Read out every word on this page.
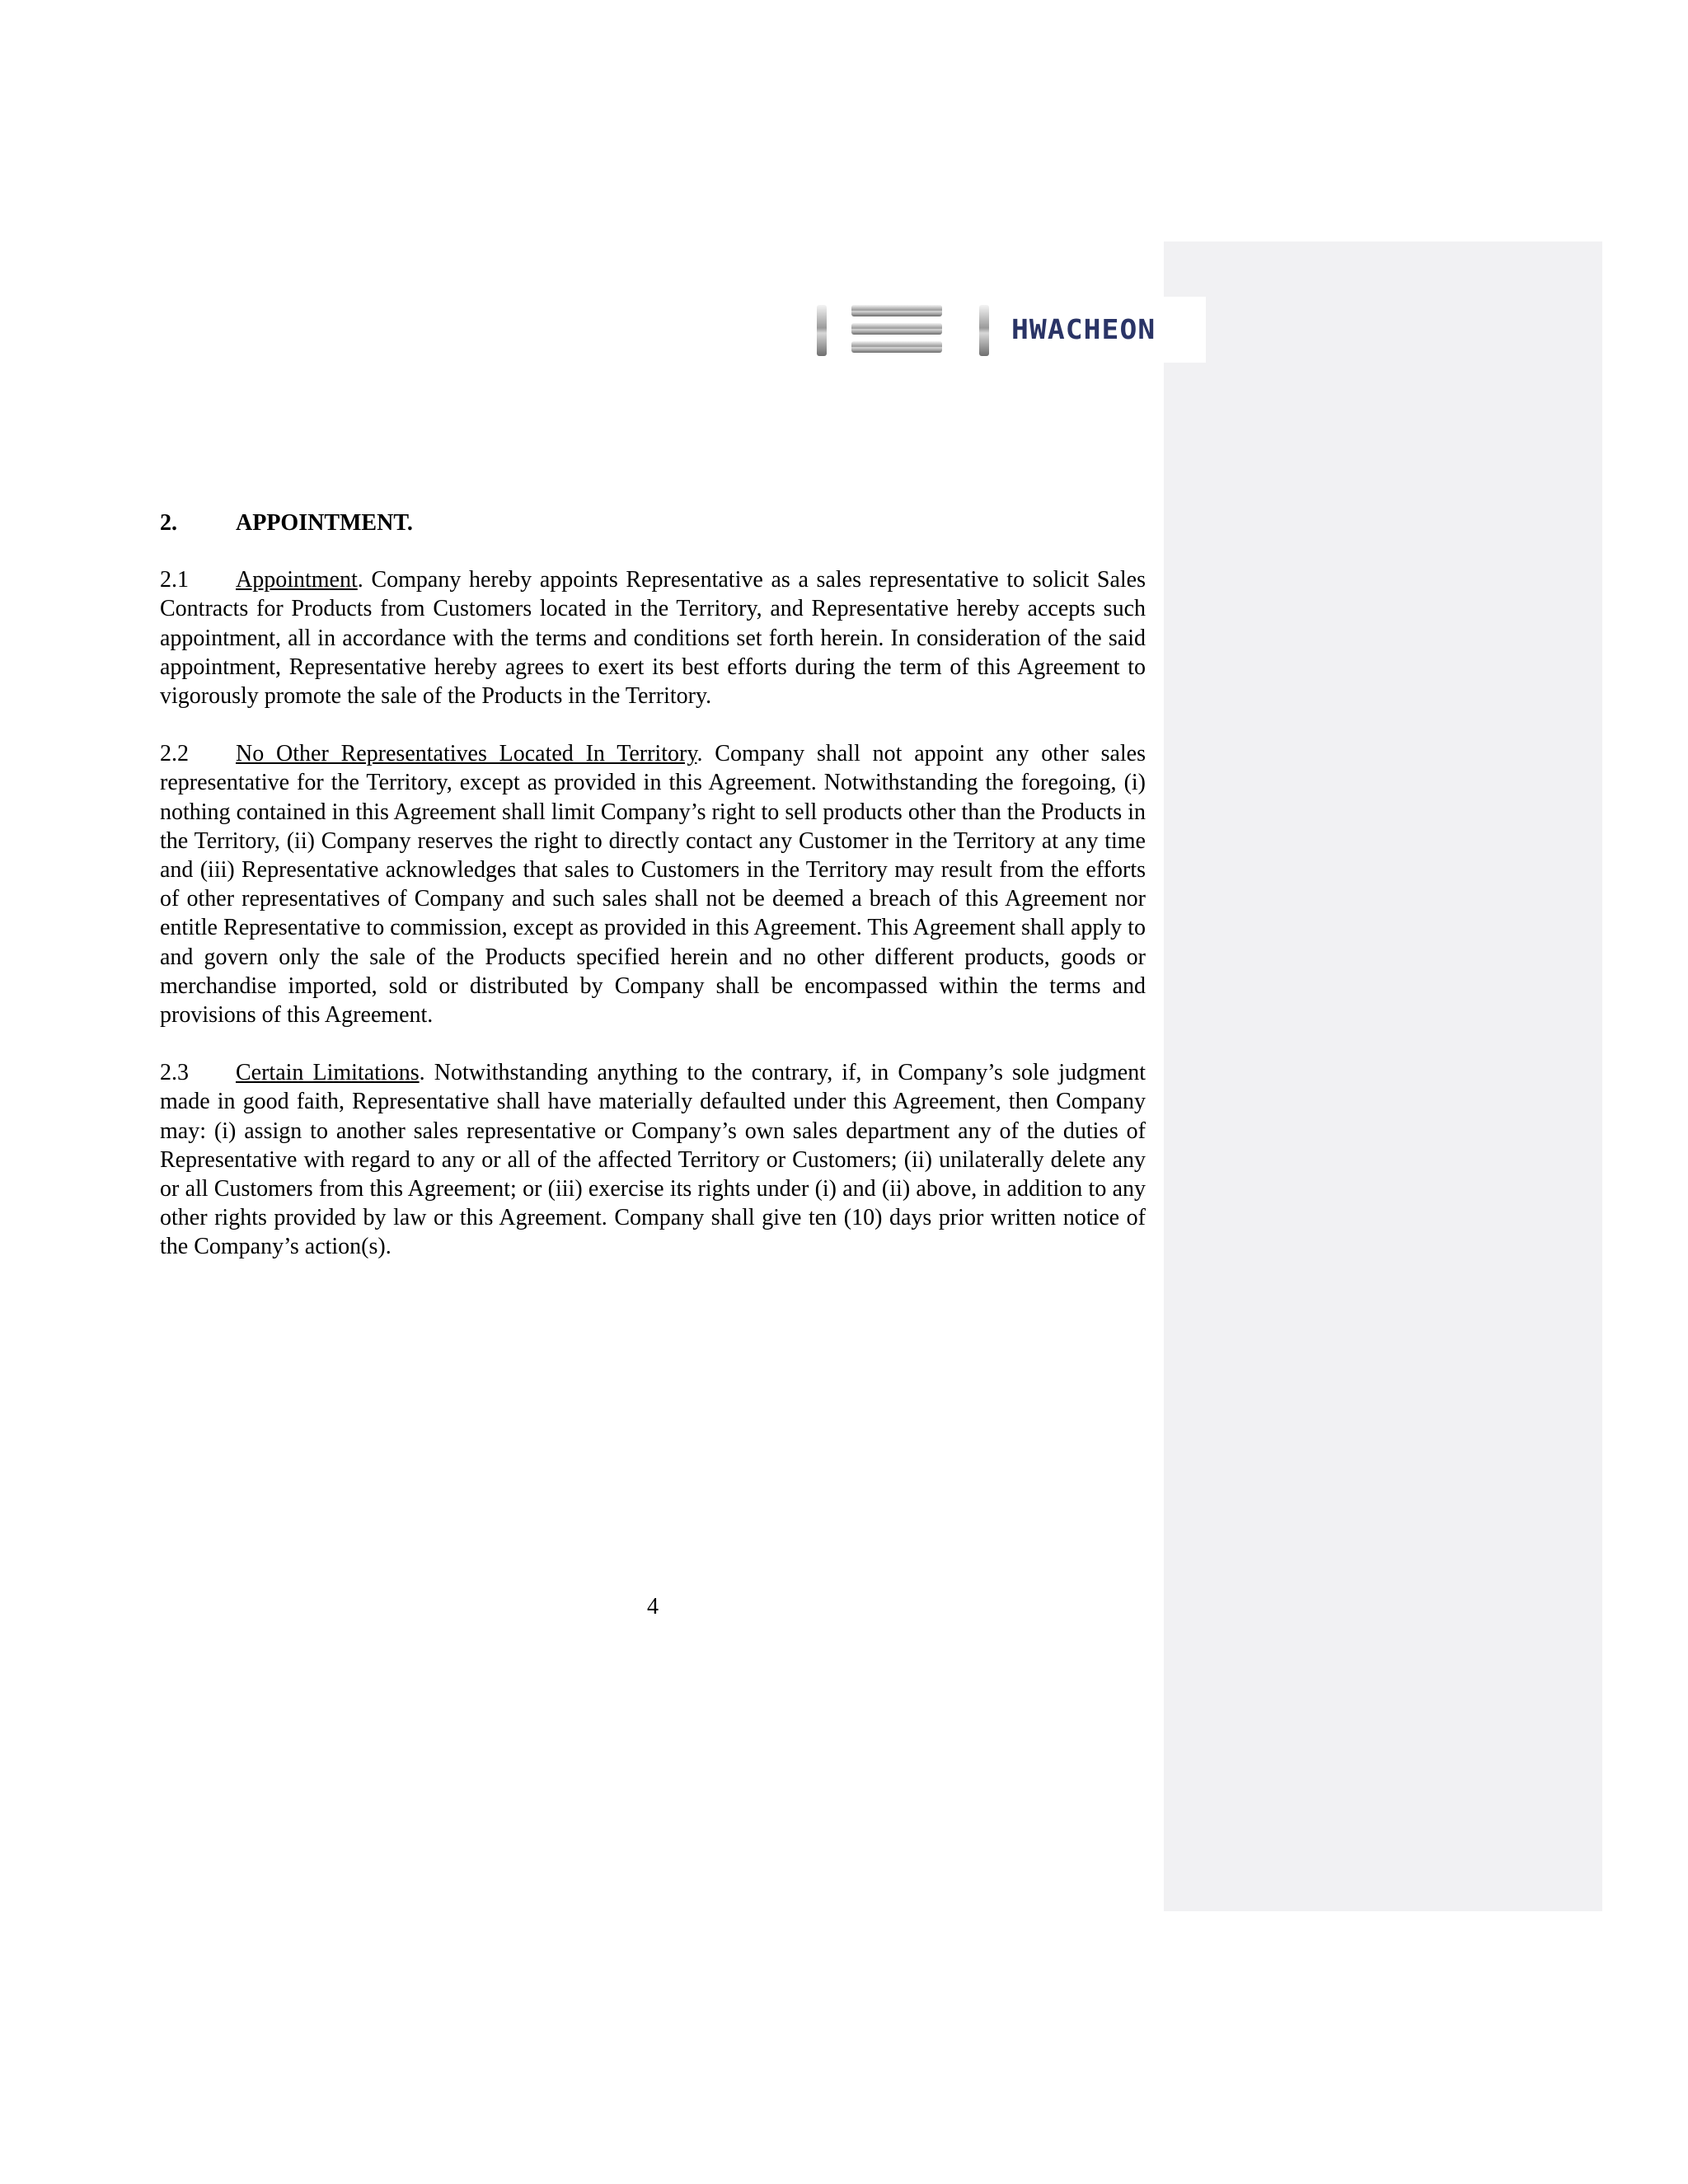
HWACHEON

2.	APPOINTMENT.

2.1 Appointment. Company hereby appoints Representative as a sales representative to solicit Sales Contracts for Products from Customers located in the Territory, and Representative hereby accepts such appointment, all in accordance with the terms and conditions set forth herein. In consideration of the said appointment, Representative hereby agrees to exert its best efforts during the term of this Agreement to vigorously promote the sale of the Products in the Territory.

2.2 No Other Representatives Located In Territory. Company shall not appoint any other sales representative for the Territory, except as provided in this Agreement. Notwithstanding the foregoing, (i) nothing contained in this Agreement shall limit Company’s right to sell products other than the Products in the Territory, (ii) Company reserves the right to directly contact any Customer in the Territory at any time and (iii) Representative acknowledges that sales to Customers in the Territory may result from the efforts of other representatives of Company and such sales shall not be deemed a breach of this Agreement nor entitle Representative to commission, except as provided in this Agreement. This Agreement shall apply to and govern only the sale of the Products specified herein and no other different products, goods or merchandise imported, sold or distributed by Company shall be encompassed within the terms and provisions of this Agreement.

2.3 Certain Limitations. Notwithstanding anything to the contrary, if, in Company’s sole judgment made in good faith, Representative shall have materially defaulted under this Agreement, then Company may: (i) assign to another sales representative or Company’s own sales department any of the duties of Representative with regard to any or all of the affected Territory or Customers; (ii) unilaterally delete any or all Customers from this Agreement; or (iii) exercise its rights under (i) and (ii) above, in addition to any other rights provided by law or this Agreement. Company shall give ten (10) days prior written notice of the Company’s action(s).

4
